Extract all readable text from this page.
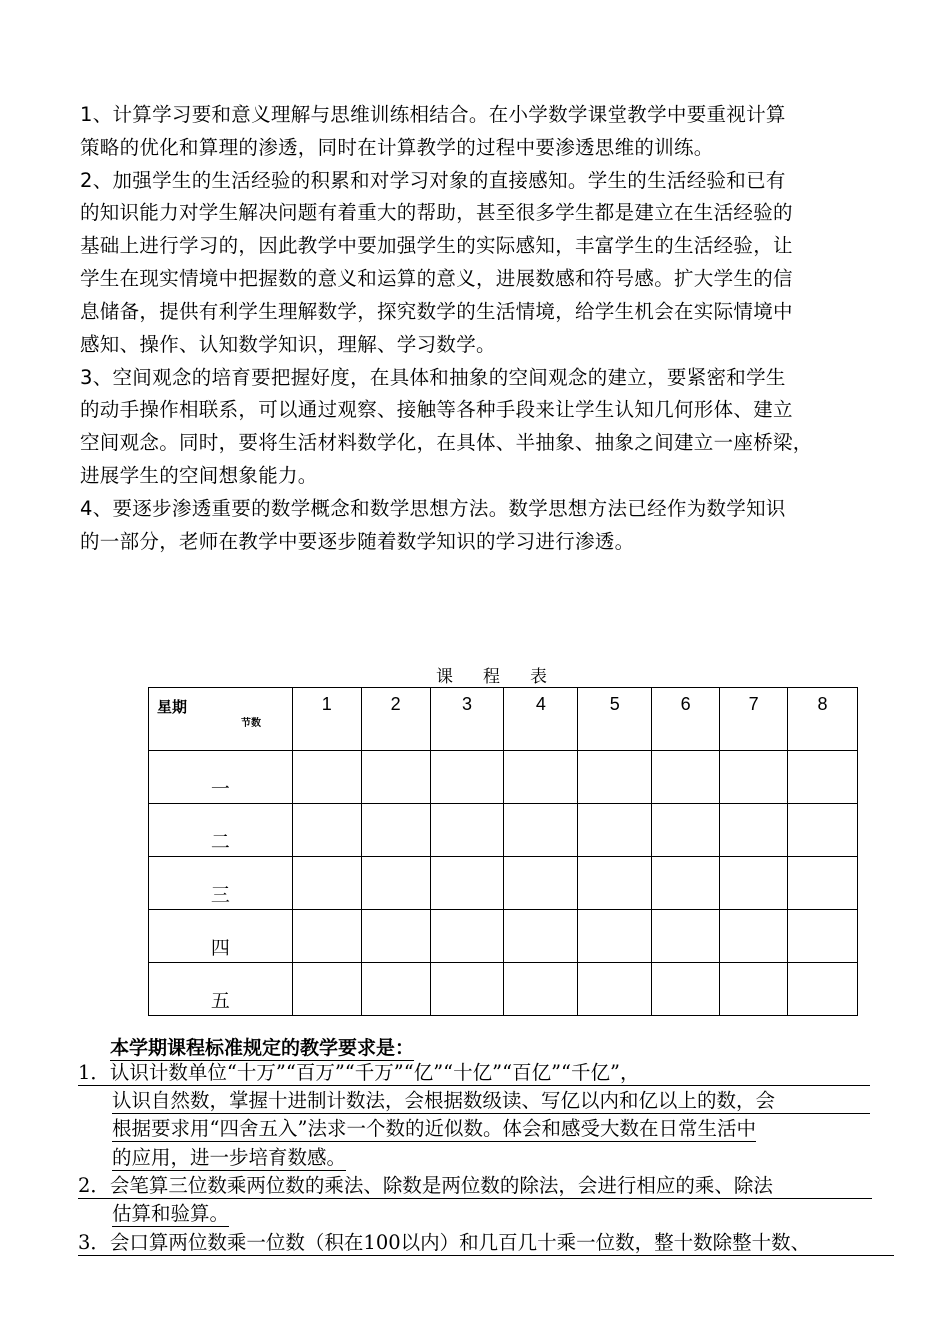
1、计算学习要和意义理解与思维训练相结合。在小学数学课堂教学中要重视计算
策略的优化和算理的渗透，同时在计算教学的过程中要渗透思维的训练。
2、加强学生的生活经验的积累和对学习对象的直接感知。学生的生活经验和已有
的知识能力对学生解决问题有着重大的帮助，甚至很多学生都是建立在生活经验的
基础上进行学习的，因此教学中要加强学生的实际感知，丰富学生的生活经验，让
学生在现实情境中把握数的意义和运算的意义，进展数感和符号感。扩大学生的信
息储备，提供有利学生理解数学，探究数学的生活情境，给学生机会在实际情境中
感知、操作、认知数学知识，理解、学习数学。
3、空间观念的培育要把握好度，在具体和抽象的空间观念的建立，要紧密和学生
的动手操作相联系，可以通过观察、接触等各种手段来让学生认知几何形体、建立
空间观念。同时，要将生活材料数学化，在具体、半抽象、抽象之间建立一座桥梁，
进展学生的空间想象能力。
4、要逐步渗透重要的数学概念和数学思想方法。数学思想方法已经作为数学知识
的一部分，老师在教学中要逐步随着数学知识的学习进行渗透。
课程表
星期
节数	1	2	3	4	5	6	7	8
一								
二								
三								
四								
五								
本学期课程标准规定的教学要求是：
1．认识计数单位“十万”“百万”“千万”“亿”“十亿”“百亿”“千亿”，
认识自然数，掌握十进制计数法，会根据数级读、写亿以内和亿以上的数，会
根据要求用“四舍五入”法求一个数的近似数。体会和感受大数在日常生活中
的应用，进一步培育数感。
2．会笔算三位数乘两位数的乘法、除数是两位数的除法，会进行相应的乘、除法
估算和验算。
3．会口算两位数乘一位数（积在100以内）和几百几十乘一位数，整十数除整十数、
